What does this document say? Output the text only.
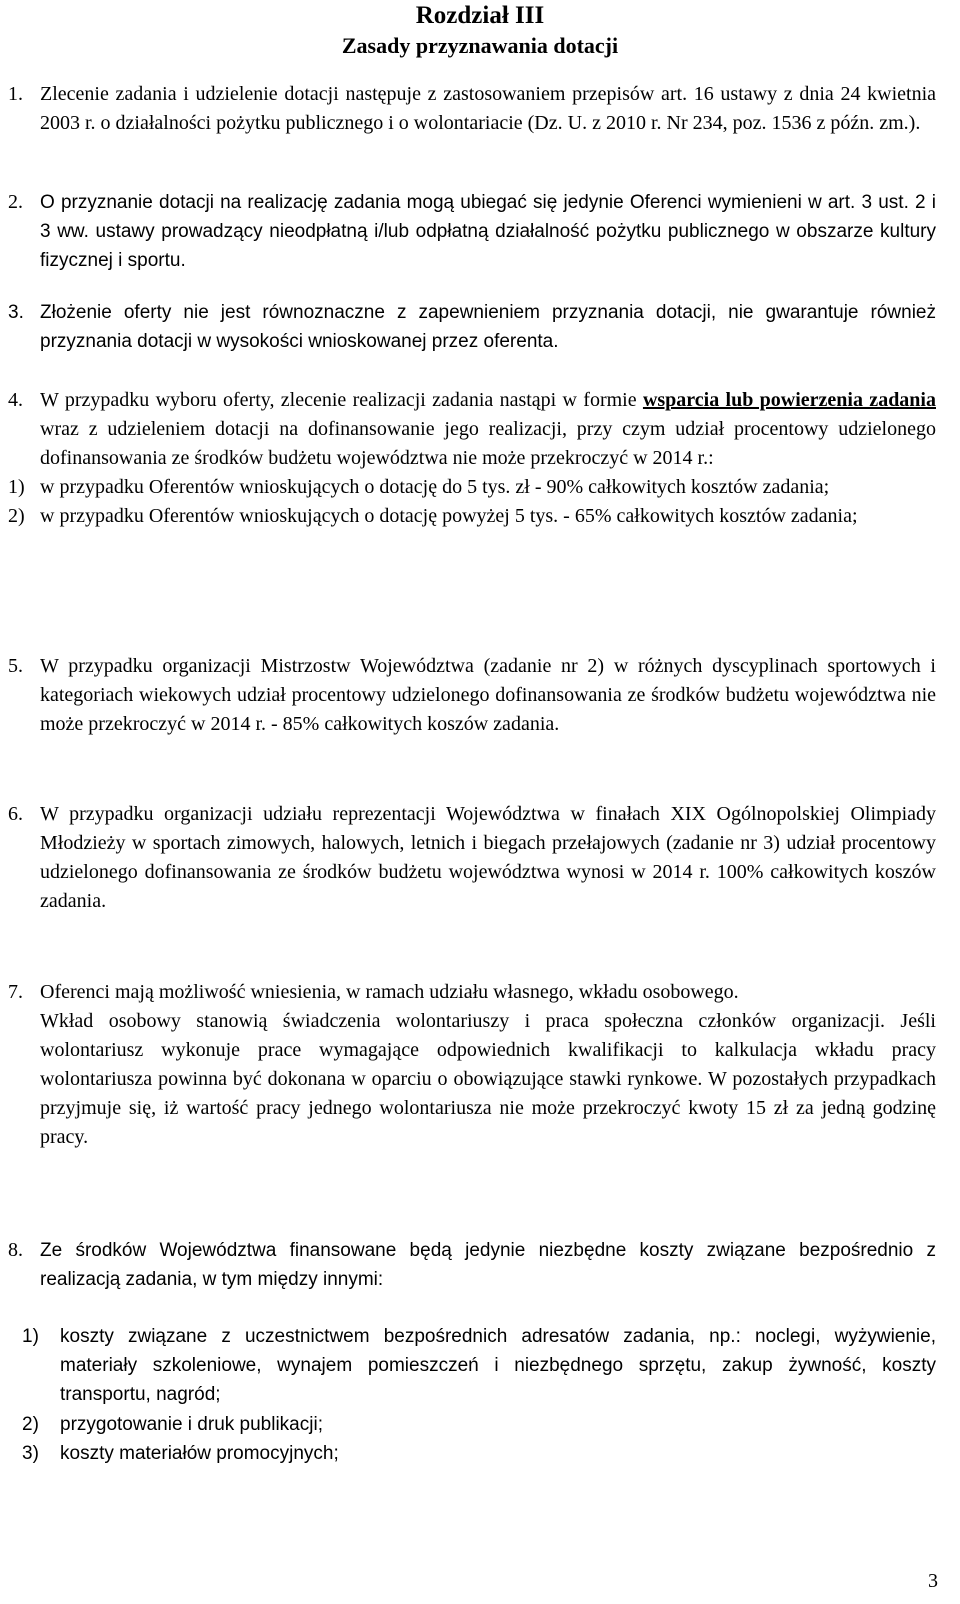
Rozdział III

Zasady przyznawania dotacji

1. Zlecenie zadania i udzielenie dotacji następuje z zastosowaniem przepisów art. 16 ustawy z dnia 24 kwietnia 2003 r. o działalności pożytku publicznego i o wolontariacie (Dz. U. z 2010 r. Nr 234, poz. 1536 z późn. zm.).
2. O przyznanie dotacji na realizację zadania mogą ubiegać się jedynie Oferenci wymienieni w art. 3 ust. 2 i 3 ww. ustawy prowadzący nieodpłatną i/lub odpłatną działalność pożytku publicznego w obszarze kultury fizycznej i sportu.
3. Złożenie oferty nie jest równoznaczne z zapewnieniem przyznania dotacji, nie gwarantuje również przyznania dotacji w wysokości wnioskowanej przez oferenta.
4. W przypadku wyboru oferty, zlecenie realizacji zadania nastąpi w formie wsparcia lub powierzenia zadania wraz z udzieleniem dotacji na dofinansowanie jego realizacji, przy czym udział procentowy udzielonego dofinansowania ze środków budżetu województwa nie może przekroczyć w 2014 r.:
1) w przypadku Oferentów wnioskujących o dotację do 5 tys. zł - 90% całkowitych kosztów zadania;
2) w przypadku Oferentów wnioskujących o dotację powyżej 5 tys. - 65% całkowitych kosztów zadania;
5. W przypadku organizacji Mistrzostw Województwa (zadanie nr 2) w różnych dyscyplinach sportowych i kategoriach wiekowych udział procentowy udzielonego dofinansowania ze środków budżetu województwa nie może przekroczyć w 2014 r. - 85% całkowitych koszów zadania.
6. W przypadku organizacji udziału reprezentacji Województwa w finałach XIX Ogólnopolskiej Olimpiady Młodzieży w sportach zimowych, halowych, letnich i biegach przełajowych (zadanie nr 3) udział procentowy udzielonego dofinansowania ze środków budżetu województwa wynosi w 2014 r. 100% całkowitych koszów zadania.
7. Oferenci mają możliwość wniesienia, w ramach udziału własnego, wkładu osobowego.
Wkład osobowy stanowią świadczenia wolontariuszy i praca społeczna członków organizacji. Jeśli wolontariusz wykonuje prace wymagające odpowiednich kwalifikacji to kalkulacja wkładu pracy wolontariusza powinna być dokonana w oparciu o obowiązujące stawki rynkowe. W pozostałych przypadkach przyjmuje się, iż wartość pracy jednego wolontariusza nie może przekroczyć kwoty 15 zł za jedną godzinę pracy.
8. Ze środków Województwa finansowane będą jedynie niezbędne koszty związane bezpośrednio z realizacją zadania, w tym między innymi:
1) koszty związane z uczestnictwem bezpośrednich adresatów zadania, np.: noclegi, wyżywienie, materiały szkoleniowe, wynajem pomieszczeń i niezbędnego sprzętu, zakup żywność, koszty transportu, nagród;
2) przygotowanie i druk publikacji;
3) koszty materiałów promocyjnych;
3
